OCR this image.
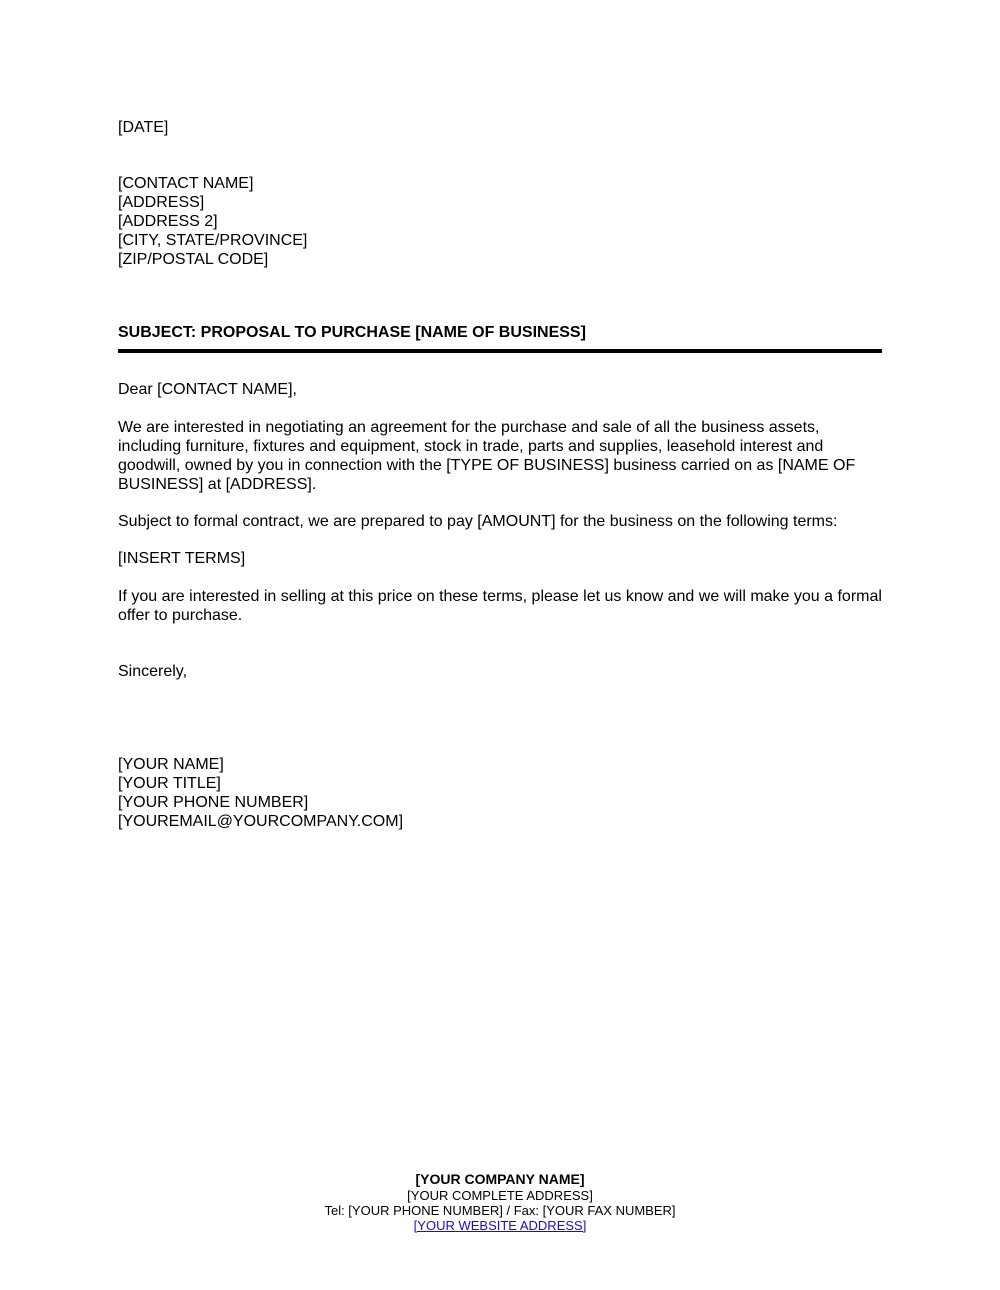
[DATE]
[CONTACT NAME]
[ADDRESS]
[ADDRESS 2]
[CITY, STATE/PROVINCE]
[ZIP/POSTAL CODE]
SUBJECT: PROPOSAL TO PURCHASE [NAME OF BUSINESS]
Dear [CONTACT NAME],
We are interested in negotiating an agreement for the purchase and sale of all the business assets, including furniture, fixtures and equipment, stock in trade, parts and supplies, leasehold interest and goodwill, owned by you in connection with the [TYPE OF BUSINESS] business carried on as [NAME OF BUSINESS] at [ADDRESS].
Subject to formal contract, we are prepared to pay [AMOUNT] for the business on the following terms:
[INSERT TERMS]
If you are interested in selling at this price on these terms, please let us know and we will make you a formal offer to purchase.
Sincerely,
[YOUR NAME]
[YOUR TITLE]
[YOUR PHONE NUMBER]
[YOUREMAIL@YOURCOMPANY.COM]
[YOUR COMPANY NAME]
[YOUR COMPLETE ADDRESS]
Tel: [YOUR PHONE NUMBER] / Fax: [YOUR FAX NUMBER]
[YOUR WEBSITE ADDRESS]
